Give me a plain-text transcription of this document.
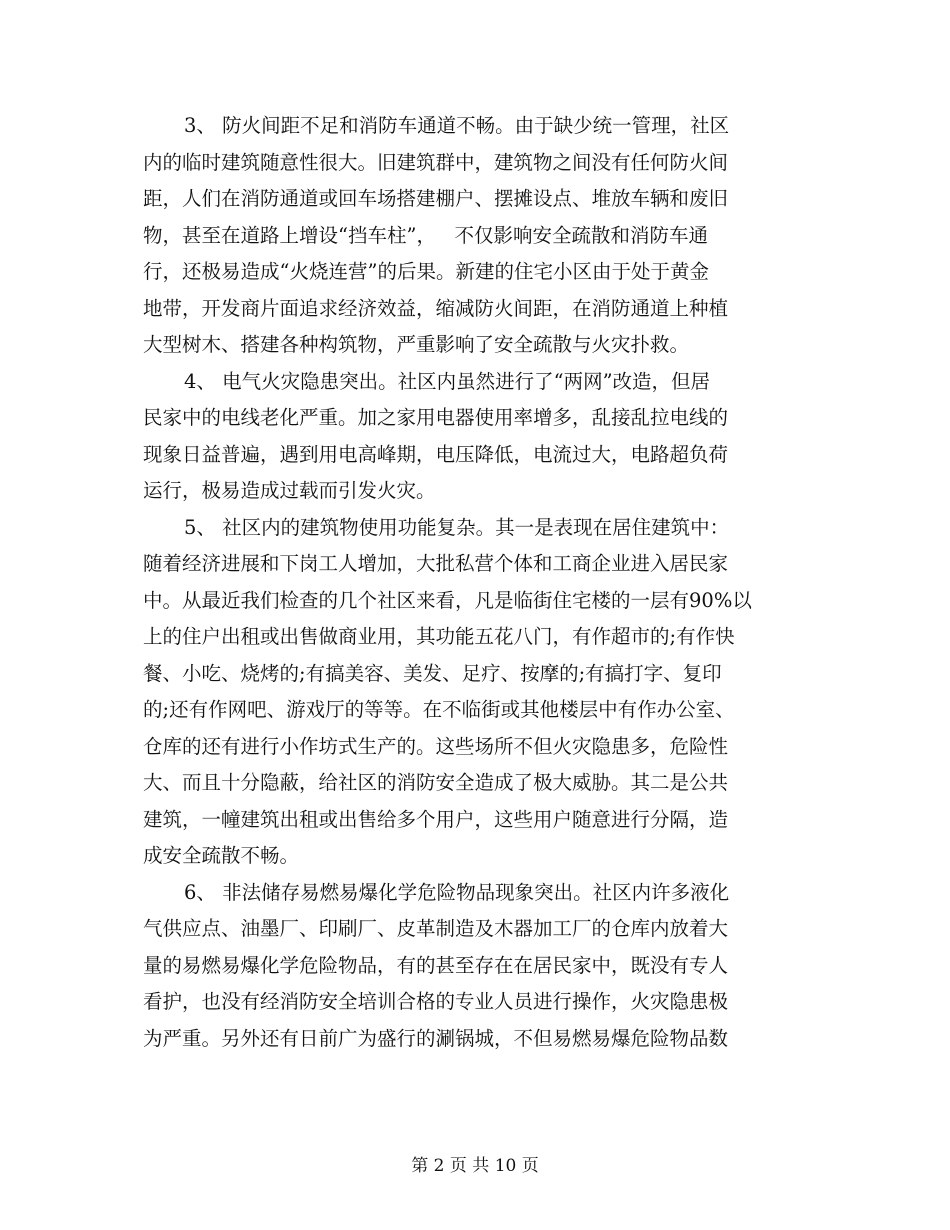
3、 防火间距不足和消防车通道不畅。由于缺少统一管理，社区
内的临时建筑随意性很大。旧建筑群中，建筑物之间没有任何防火间
距，人们在消防通道或回车场搭建棚户、摆摊设点、堆放车辆和废旧
物，甚至在道路上增设“挡车柱”，   不仅影响安全疏散和消防车通
行，还极易造成“火烧连营”的后果。新建的住宅小区由于处于黄金
地带，开发商片面追求经济效益，缩减防火间距，在消防通道上种植
大型树木、搭建各种构筑物，严重影响了安全疏散与火灾扑救。
4、 电气火灾隐患突出。社区内虽然进行了“两网”改造，但居
民家中的电线老化严重。加之家用电器使用率增多，乱接乱拉电线的
现象日益普遍，遇到用电高峰期，电压降低，电流过大，电路超负荷
运行，极易造成过载而引发火灾。
5、 社区内的建筑物使用功能复杂。其一是表现在居住建筑中：
随着经济进展和下岗工人增加，大批私营个体和工商企业进入居民家
中。从最近我们检查的几个社区来看，凡是临街住宅楼的一层有90%以
上的住户出租或出售做商业用，其功能五花八门，有作超市的;有作快
餐、小吃、烧烤的;有搞美容、美发、足疗、按摩的;有搞打字、复印
的;还有作网吧、游戏厅的等等。在不临街或其他楼层中有作办公室、
仓库的还有进行小作坊式生产的。这些场所不但火灾隐患多，危险性
大、而且十分隐蔽，给社区的消防安全造成了极大威胁。其二是公共
建筑，一幢建筑出租或出售给多个用户，这些用户随意进行分隔，造
成安全疏散不畅。
6、 非法储存易燃易爆化学危险物品现象突出。社区内许多液化
气供应点、油墨厂、印刷厂、皮革制造及木器加工厂的仓库内放着大
量的易燃易爆化学危险物品，有的甚至存在在居民家中，既没有专人
看护，也没有经消防安全培训合格的专业人员进行操作，火灾隐患极
为严重。另外还有日前广为盛行的涮锅城，不但易燃易爆危险物品数
第 2 页 共 10 页
